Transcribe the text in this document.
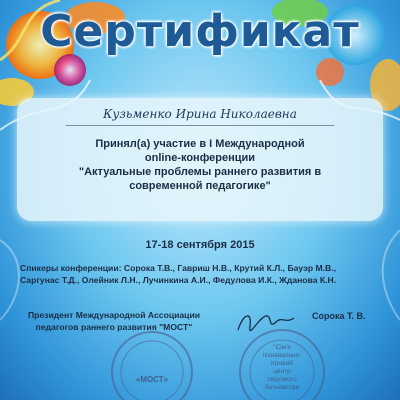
Сертификат
Кузьменко Ирина Николаевна
Принял(а) участие в I Международной
online-конференции
"Актуальные проблемы раннего развития в
современной педагогике"
17-18 сентября 2015
Спикеры конференции: Сорока Т.В., Гавриш Н.В., Крутий К.Л., Бауэр М.В.,
Саргунас Т.Д., Олейник Л.Н., Лучинкина А.И., Федулова И.К., Жданова К.Н.
Президент Международной Ассоциации
педагогов раннего развития "МОСТ"
Сорока Т. В.
«МОСТ»
"Сім'я
пізнавально-
ігровий
центр
свідомого
батьківства
